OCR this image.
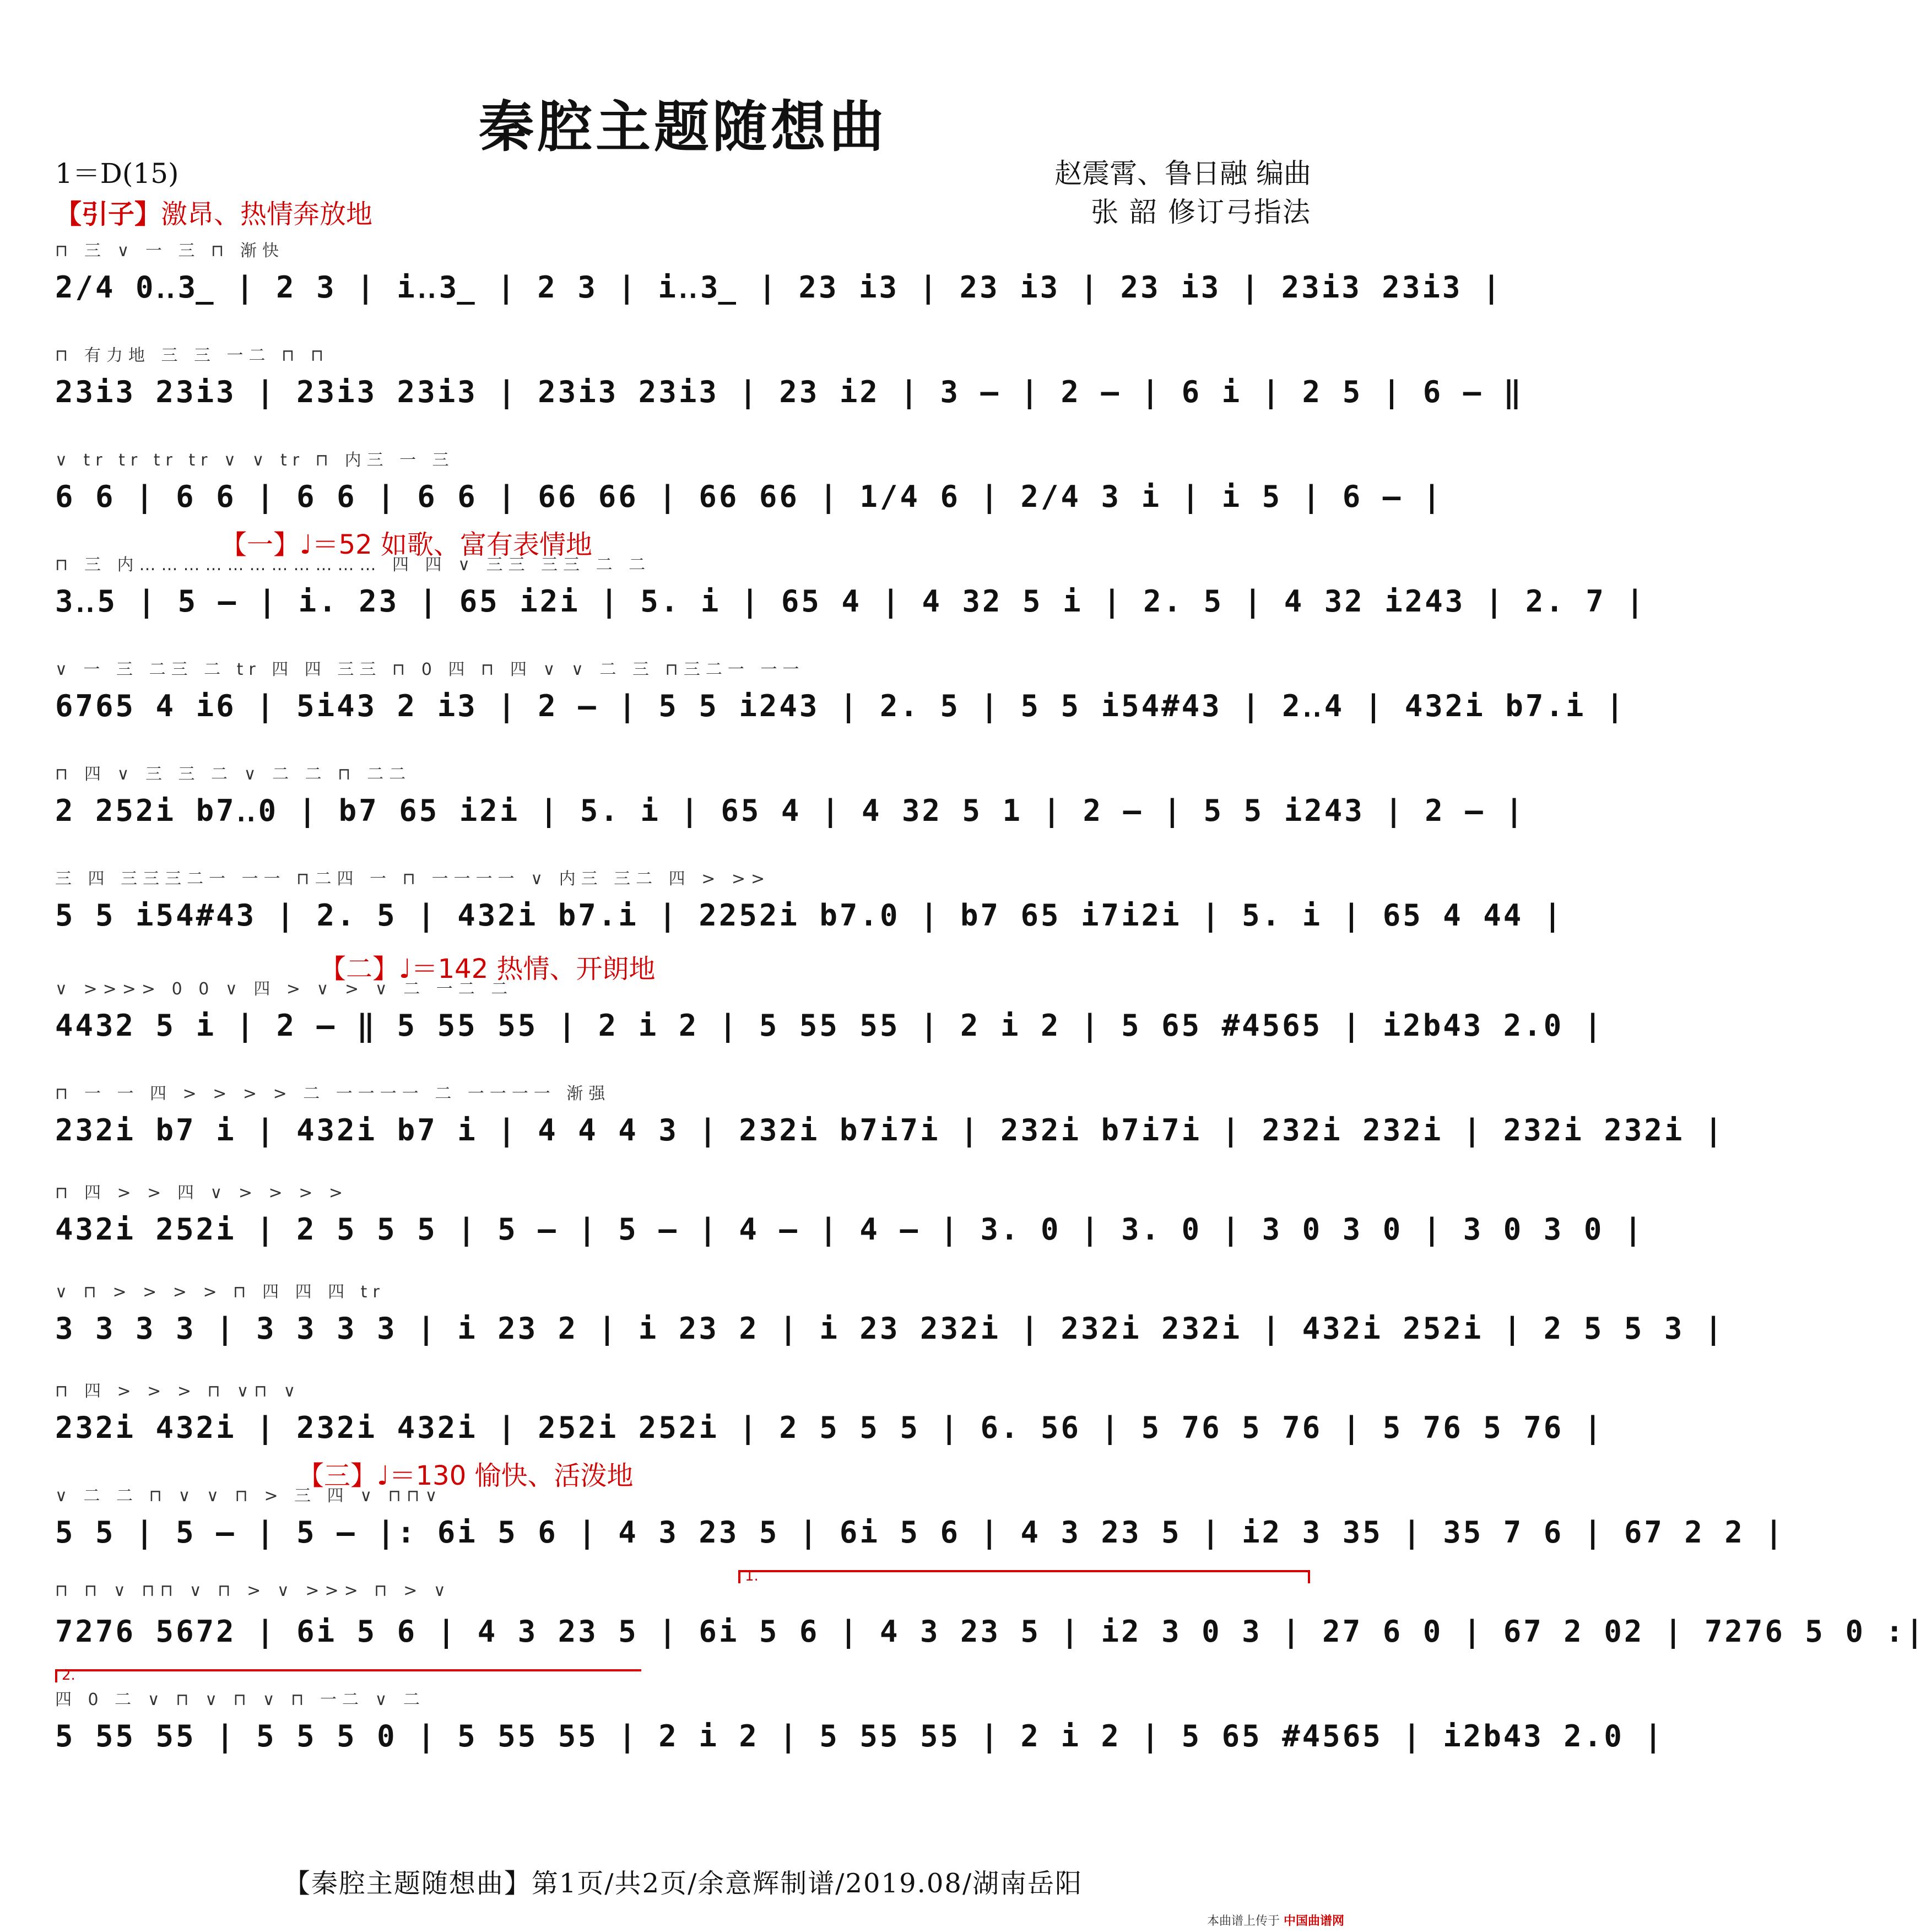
秦腔主题随想曲
1＝D(15)	赵震霄、鲁日融 编曲
张 韶 修订弓指法
【引子】激昂、热情奔放地
⊓ 三 ∨ 一 三 ⊓ 渐快
2/4 0‥3̲ | 2 3 | i‥3̲ | 2 3 | i‥3̲ | 23 i3 | 23 i3 | 23 i3 | 23i3 23i3 |
⊓ 有力地 三 三 一二 ⊓ ⊓
23i3 23i3 | 23i3 23i3 | 23i3 23i3 | 23 i2 | 3 — | 2 — | 6 i | 2 5 | 6 — ‖
∨ tr tr tr tr ∨ ∨ tr ⊓ 内三 一 三
6 6 | 6 6 | 6 6 | 6 6 | 66 66 | 66 66 | 1/4 6 | 2/4 3 i | i 5 | 6 — |
⊓ 三 内…………………………… 四 四 ∨ 三三 三三 二 二
3‥5 | 5 — | i. 23 | 65 i2i | 5. i | 65 4 | 4 32 5 i | 2. 5 | 4 32 i243 | 2. 7 |
【一】♩＝52 如歌、富有表情地
∨ 一 三 二三 二 tr 四 四 三三 ⊓ 0 四 ⊓ 四 ∨ ∨ 二 三 ⊓三二一 一一
6765 4 i6 | 5i43 2 i3 | 2 — | 5 5 i243 | 2. 5 | 5 5 i54#43 | 2‥4 | 432i b7.i |
⊓ 四 ∨ 三 三 二 ∨ 二 二 ⊓ 二二
2 252i b7‥0 | b7 65 i2i | 5. i | 65 4 | 4 32 5 1 | 2 — | 5 5 i243 | 2 — |
三 四 三三三二一 一一 ⊓二四 一 ⊓ 一一一一 ∨ 内三 三二 四 > >>
5 5 i54#43 | 2. 5 | 432i b7.i | 2252i b7.0 | b7 65 i7i2i | 5. i | 65 4 44 |
∨ >>>> 0 0 ∨ 四 > ∨ > ∨ 二 一二 二
4432 5 i | 2 — ‖ 5 55 55 | 2 i 2 | 5 55 55 | 2 i 2 | 5 65 #4565 | i2b43 2.0 |
【二】♩＝142 热情、开朗地
⊓ 一 一 四 > > > > 二 一一一一 二 一一一一 渐强
232i b7 i | 432i b7 i | 4 4 4 3 | 232i b7i7i | 232i b7i7i | 232i 232i | 232i 232i |
⊓ 四 > > 四 ∨ > > > >
432i 252i | 2 5 5 5 | 5 — | 5 — | 4 — | 4 — | 3. 0 | 3. 0 | 3 0 3 0 | 3 0 3 0 |
∨ ⊓ > > > > ⊓ 四 四 四 tr
3 3 3 3 | 3 3 3 3 | i 23 2 | i 23 2 | i 23 232i | 232i 232i | 432i 252i | 2 5 5 3 |
⊓ 四 > > > ⊓ ∨⊓ ∨
232i 432i | 232i 432i | 252i 252i | 2 5 5 5 | 6. 56 | 5 76 5 76 | 5 76 5 76 |
∨ 二 二 ⊓ ∨ ∨ ⊓ > 三 四 ∨ ⊓⊓∨
5 5 | 5 — | 5 — |: 6i 5 6 | 4 3 23 5 | 6i 5 6 | 4 3 23 5 | i2 3 35 | 35 7 6 | 67 2 2 |
【三】♩＝130 愉快、活泼地
⊓ ⊓ ∨ ⊓⊓ ∨ ⊓ > ∨ >>> ⊓ > ∨
7276 5672 | 6i 5 6 | 4 3 23 5 | 6i 5 6 | 4 3 23 5 | i2 3 0 3 | 27 6 0 | 67 2 02 | 7276 5 0 :|
1.
四 0 二 ∨ ⊓ ∨ ⊓ ∨ ⊓ 一二 ∨ 二
5 55 55 | 5 5 5 0 | 5 55 55 | 2 i 2 | 5 55 55 | 2 i 2 | 5 65 #4565 | i2b43 2.0 |
2.
【秦腔主题随想曲】第1页/共2页/余意辉制谱/2019.08/湖南岳阳
本曲谱上传于 中国曲谱网
